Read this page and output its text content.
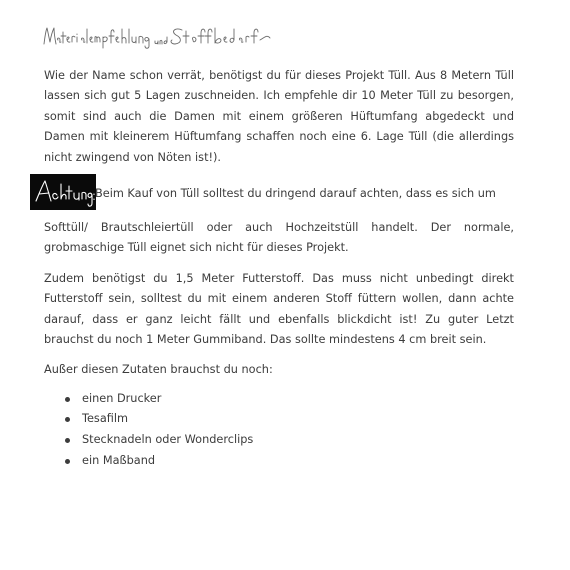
Wie der Name schon verrät, benötigst du für dieses Projekt Tüll. Aus 8 Metern Tüll lassen sich gut 5 Lagen zuschneiden. Ich empfehle dir 10 Meter Tüll zu besorgen, somit sind auch die Damen mit einem größeren Hüftumfang abgedeckt und Damen mit kleinerem Hüftumfang schaffen noch eine 6. Lage Tüll (die allerdings nicht zwingend von Nöten ist!).

Beim Kauf von Tüll solltest du dringend darauf achten, dass es sich um

Softtüll/ Brautschleiertüll oder auch Hochzeitstüll handelt. Der normale, grobmaschige Tüll eignet sich nicht für dieses Projekt.

Zudem benötigst du 1,5 Meter Futterstoff. Das muss nicht unbedingt direkt Futterstoff sein, solltest du mit einem anderen Stoff füttern wollen, dann achte darauf, dass er ganz leicht fällt und ebenfalls blickdicht ist! Zu guter Letzt brauchst du noch 1 Meter Gummiband. Das sollte mindestens 4 cm breit sein.

Außer diesen Zutaten brauchst du noch:

einen Drucker
Tesafilm
Stecknadeln oder Wonderclips
ein Maßband
